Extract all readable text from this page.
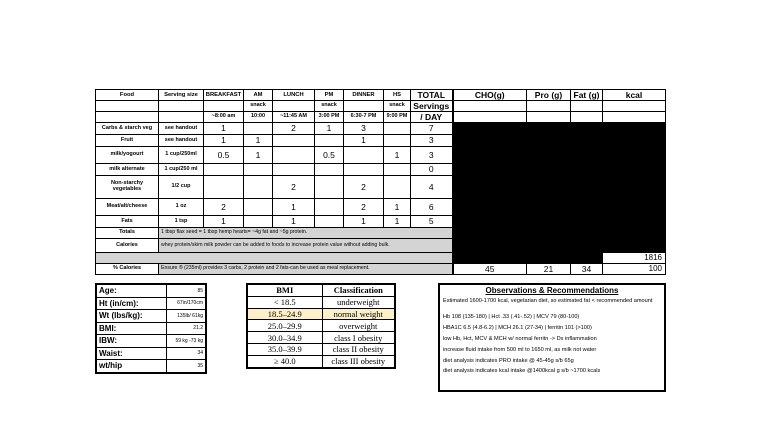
Food	Serving size	BREAKFAST	AM	LUNCH	PM	DINNER	HS	TOTAL	CHO(g)	Pro (g)	Fat (g)	kcal
			snack		snack		snack	Servings				
		~8:00 am	10:00	~11:45 AM	3:00 PM	6:30-7 PM	9:00 PM	/ DAY				
Carbs & starch veg	see handout	1		2	1	3		7				
Fruit	see handout	1	1			1		3				
milk/yogourt	1 cup/250ml	0.5	1		0.5		1	3				
milk alternate	1 cup/250 ml							0				
Non-starchy vegetables	1/2 cup			2		2		4				
Meat/alt/cheese	1 oz	2		1		2	1	6				
Fats	1 tsp	1		1		1	1	5				
Totals	1 tbsp flax seed = 1 tbsp hemp hearts= ~4g fat and ~5g protein.											
Calories	whey protein/skim milk powder can be added to foods to increase protein value without adding bulk.											
												1816
% Calories	Ensure ® (235ml) provides 3 carbs, 2 protein and 2 fats-can be used as meal replacement.								45	21	34	100
Age:	85
Ht (in/cm):	67in/170cm
Wt (lbs/kg):	135lb/ 61kg
BMI:	21.2
IBW:	59 kg -73 kg
Waist:	34
wt/hip	35
BMI	Classification
< 18.5	underweight
18.5–24.9	normal weight
25.0–29.9	overweight
30.0–34.9	class I obesity
35.0–39.9	class II obesity
≥ 40.0	class III obesity
Observations & Recommendations
Estimated 1600-1700 kcal, vegetarian diet, so estimated fat < recommended amount
Hb 108 (135-180) | Hct .33 (.41-.52) | MCV 79 (80-100)
HBA1C 6.5 (4.8-6.2) | MCH 26.1 (27-34) | ferritin 101 (>100)
low Hb, Hct, MCV & MCH w/ normal ferritn -> Dx inflammation
increase fluid intake from 500 ml to 1650 ml, as milk not water
diet analysis indicates PRO intake @ 45-45g s/b 65g
diet analysis indicates kcal intake @1400kcal g s/b ~1700 kcals
